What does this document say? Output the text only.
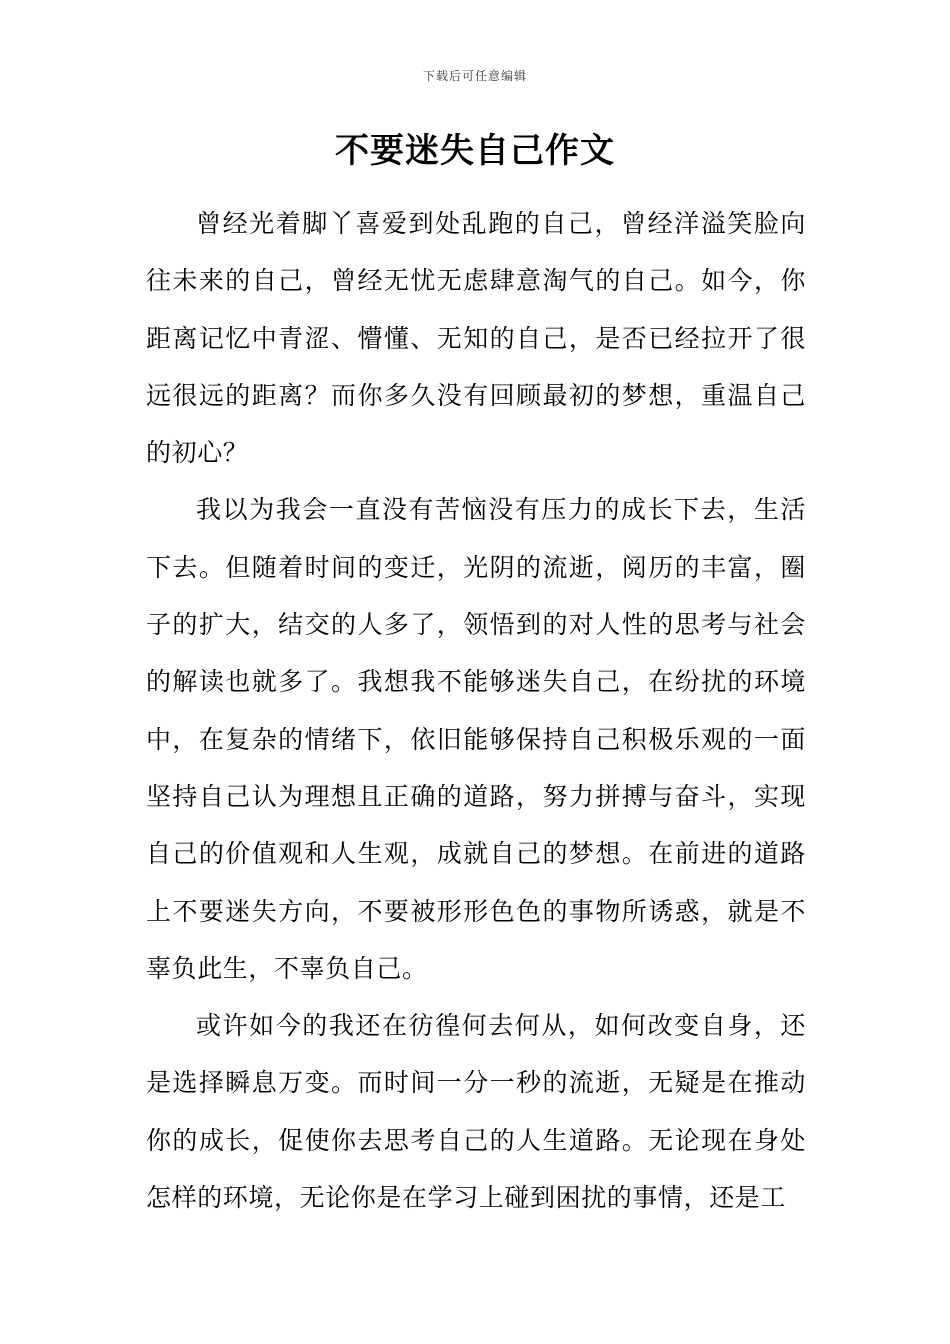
下载后可任意编辑
不要迷失自己作文

曾经光着脚丫喜爱到处乱跑的自己，曾经洋溢笑脸向往未来的自己，曾经无忧无虑肆意淘气的自己。如今，你距离记忆中青涩、懵懂、无知的自己，是否已经拉开了很远很远的距离？而你多久没有回顾最初的梦想，重温自己的初心？

我以为我会一直没有苦恼没有压力的成长下去，生活下去。但随着时间的变迁，光阴的流逝，阅历的丰富，圈子的扩大，结交的人多了，领悟到的对人性的思考与社会的解读也就多了。我想我不能够迷失自己，在纷扰的环境中，在复杂的情绪下，依旧能够保持自己积极乐观的一面坚持自己认为理想且正确的道路，努力拼搏与奋斗，实现自己的价值观和人生观，成就自己的梦想。在前进的道路上不要迷失方向，不要被形形色色的事物所诱惑，就是不辜负此生，不辜负自己。

或许如今的我还在彷徨何去何从，如何改变自身，还是选择瞬息万变。而时间一分一秒的流逝，无疑是在推动你的成长，促使你去思考自己的人生道路。无论现在身处怎样的环境，无论你是在学习上碰到困扰的事情，还是工
